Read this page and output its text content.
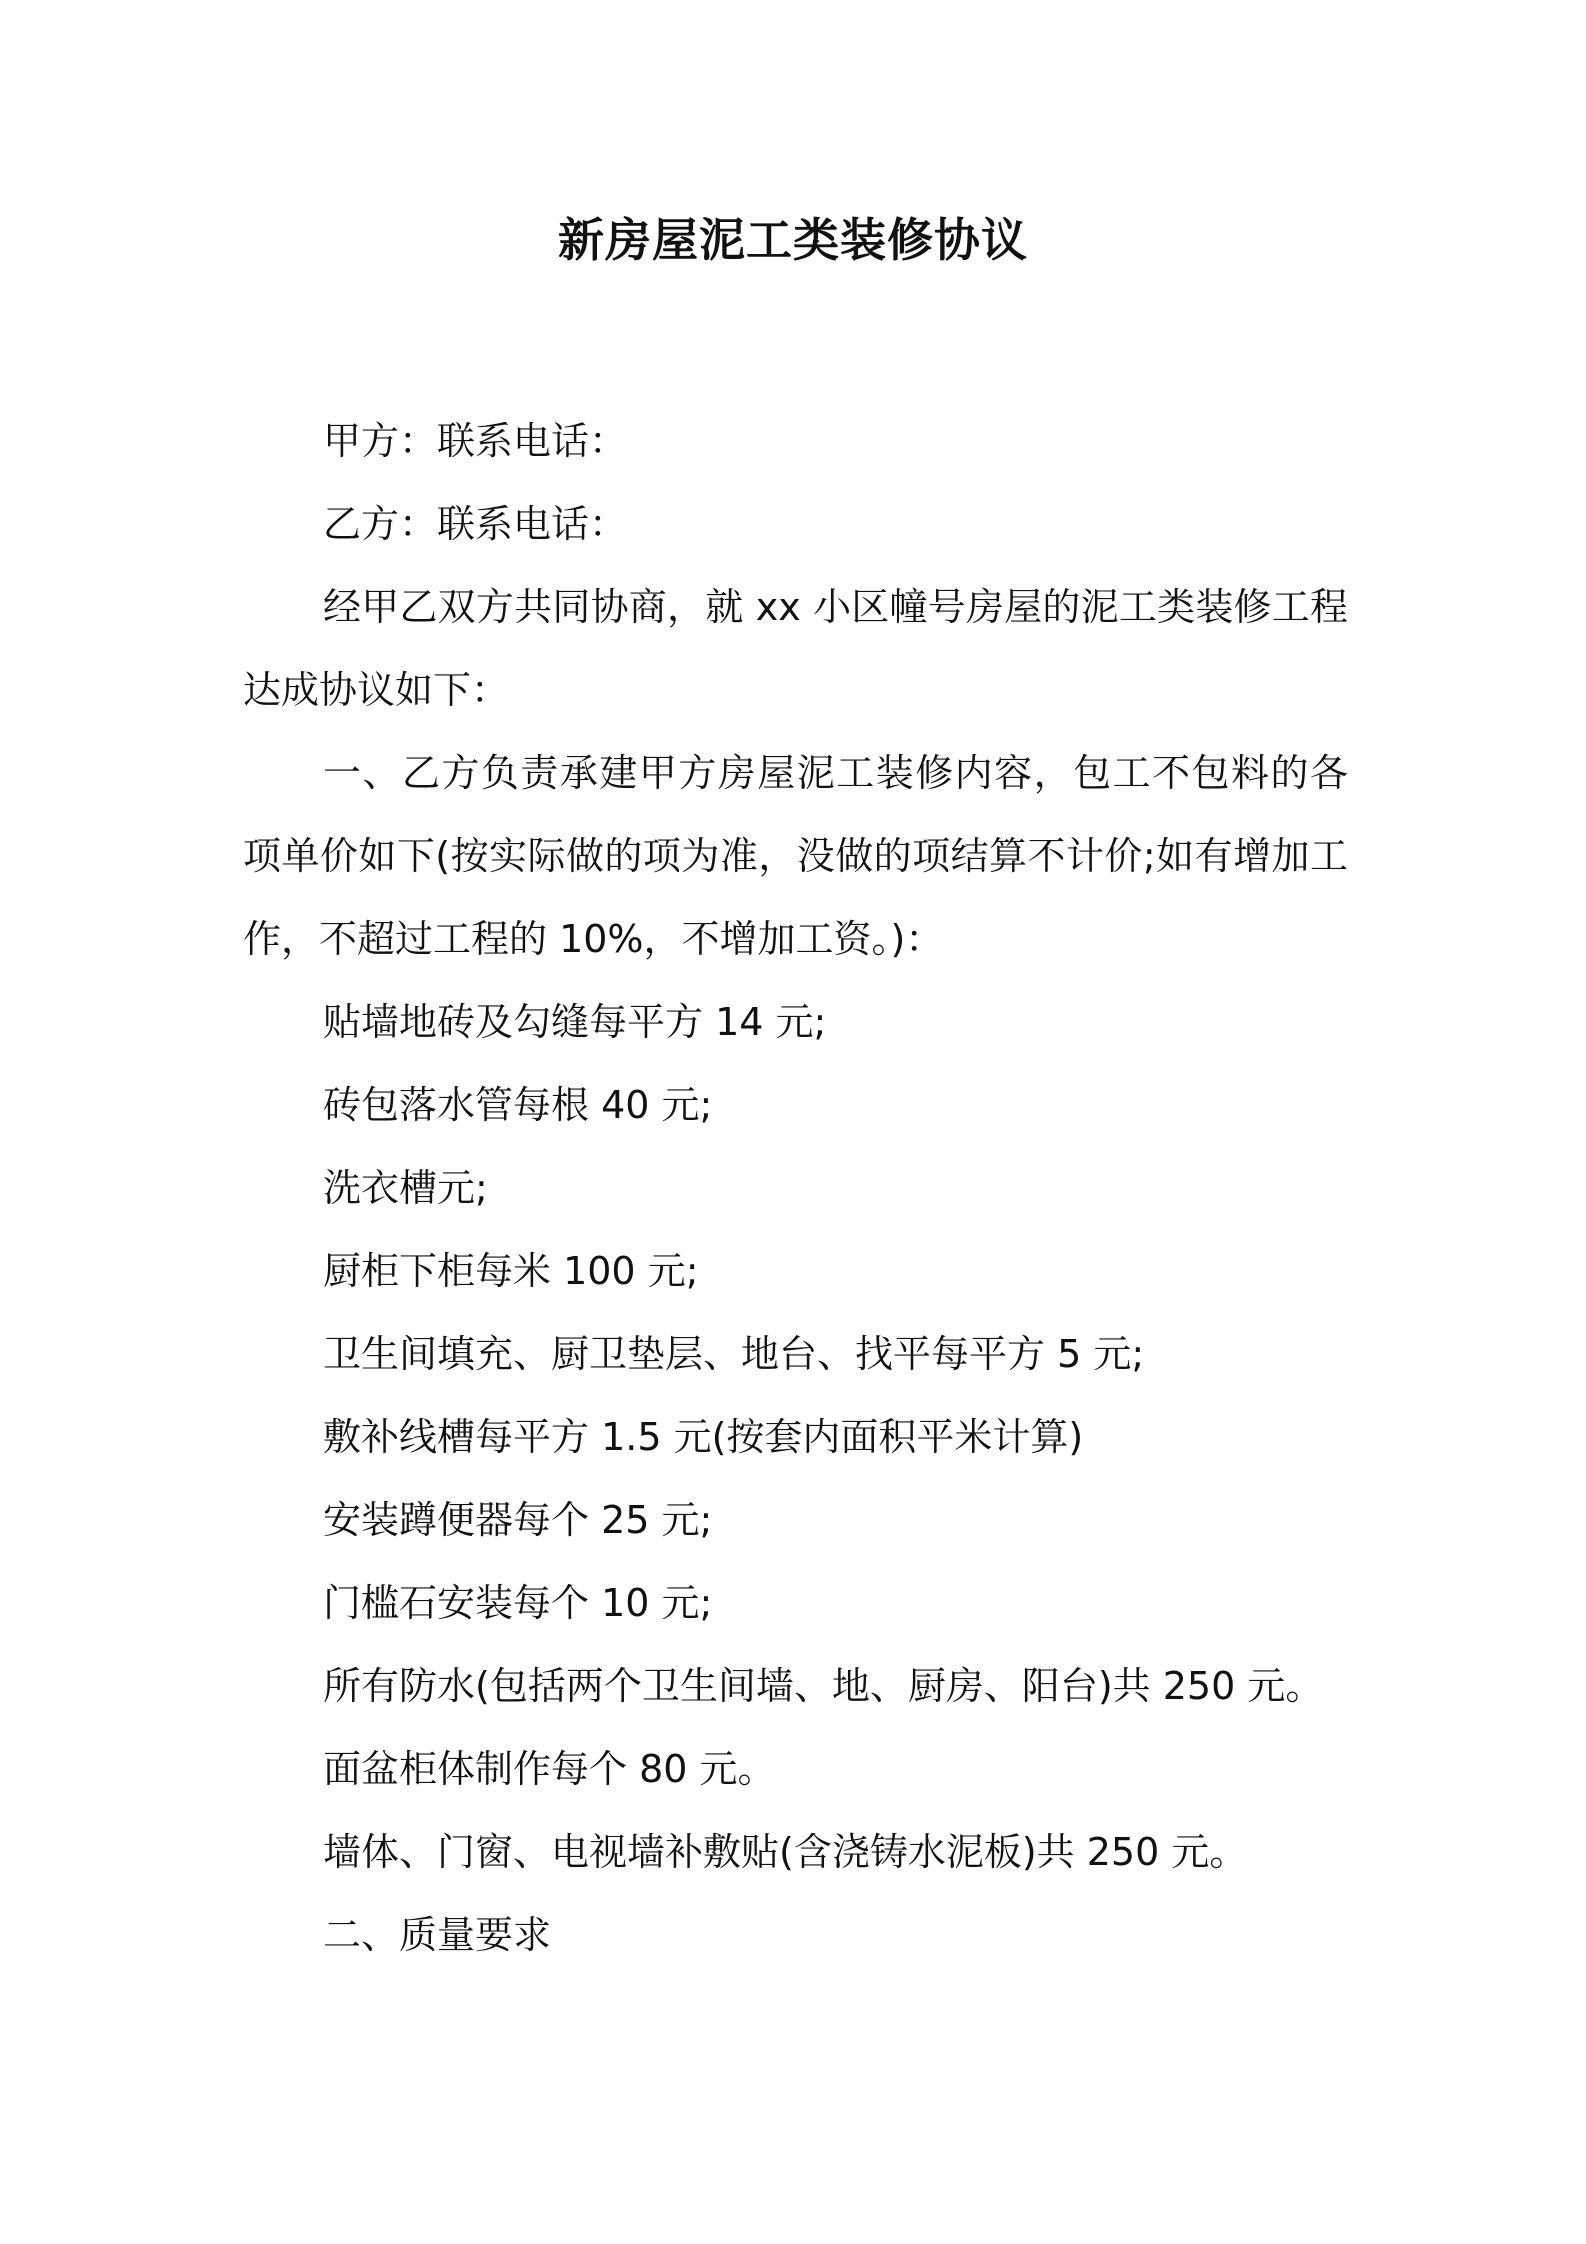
新房屋泥工类装修协议

甲方：联系电话：

乙方：联系电话：

经甲乙双方共同协商，就 xx 小区幢号房屋的泥工类装修工程达成协议如下：

一、乙方负责承建甲方房屋泥工装修内容，包工不包料的各项单价如下(按实际做的项为准，没做的项结算不计价;如有增加工作，不超过工程的 10%，不增加工资。)：

贴墙地砖及勾缝每平方 14 元;

砖包落水管每根 40 元;

洗衣槽元;

厨柜下柜每米 100 元;

卫生间填充、厨卫垫层、地台、找平每平方 5 元;

敷补线槽每平方 1.5 元(按套内面积平米计算)

安装蹲便器每个 25 元;

门槛石安装每个 10 元;

所有防水(包括两个卫生间墙、地、厨房、阳台)共 250 元。

面盆柜体制作每个 80 元。

墙体、门窗、电视墙补敷贴(含浇铸水泥板)共 250 元。

二、质量要求
